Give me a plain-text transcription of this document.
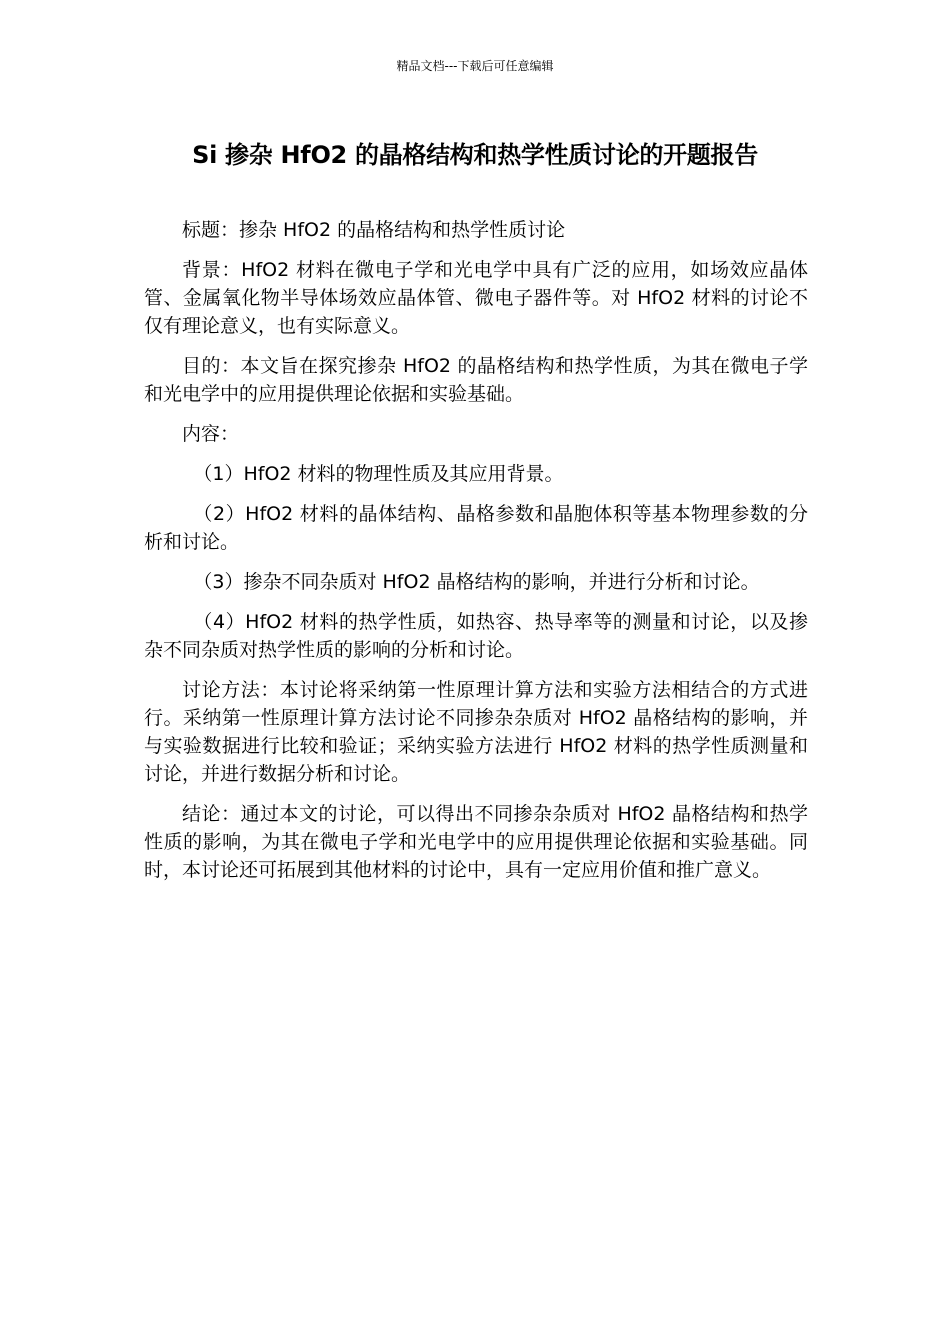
精品文档---下载后可任意编辑
Si 掺杂 HfO2 的晶格结构和热学性质讨论的开题报告

标题：掺杂 HfO2 的晶格结构和热学性质讨论

背景：HfO2 材料在微电子学和光电学中具有广泛的应用，如场效应晶体管、金属氧化物半导体场效应晶体管、微电子器件等。对 HfO2 材料的讨论不仅有理论意义，也有实际意义。

目的：本文旨在探究掺杂 HfO2 的晶格结构和热学性质，为其在微电子学和光电学中的应用提供理论依据和实验基础。

内容：

（1）HfO2 材料的物理性质及其应用背景。

（2）HfO2 材料的晶体结构、晶格参数和晶胞体积等基本物理参数的分析和讨论。

（3）掺杂不同杂质对 HfO2 晶格结构的影响，并进行分析和讨论。

（4）HfO2 材料的热学性质，如热容、热导率等的测量和讨论，以及掺杂不同杂质对热学性质的影响的分析和讨论。

讨论方法：本讨论将采纳第一性原理计算方法和实验方法相结合的方式进行。采纳第一性原理计算方法讨论不同掺杂杂质对 HfO2 晶格结构的影响，并与实验数据进行比较和验证；采纳实验方法进行 HfO2 材料的热学性质测量和讨论，并进行数据分析和讨论。

结论：通过本文的讨论，可以得出不同掺杂杂质对 HfO2 晶格结构和热学性质的影响，为其在微电子学和光电学中的应用提供理论依据和实验基础。同时，本讨论还可拓展到其他材料的讨论中，具有一定应用价值和推广意义。
